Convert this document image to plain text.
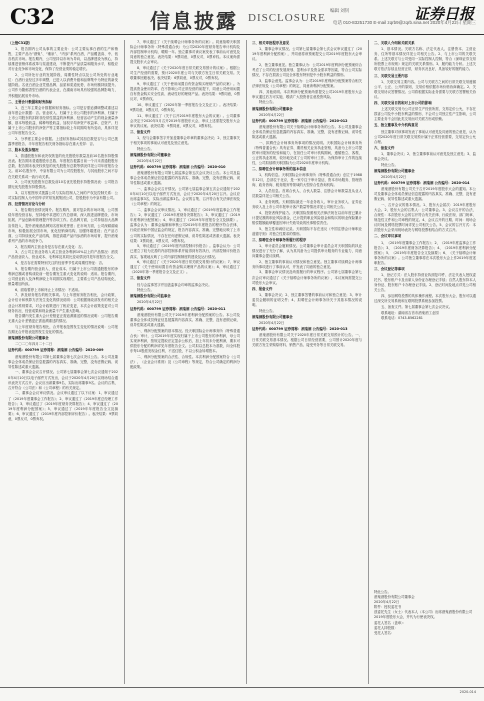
C32	信息披露 DISCLOSURE
编辑 刘钊
电话 010-83251730 E-mail zqrb9@zqrb.sina.net 2020年4月22日 星期三
证券日报

（上接C31版）

1、报告期内公司从事的主要业务：公司主要从事白酒的生产和销售，主要产品为“酒鬼”、“湘泉”、“内参”系列白酒，产品覆盖高、中、低各档次市场。报告期内，公司坚持以市场为导向，以品牌建设为核心，持续推进营销体系改革与渠道建设，不断提升产品质量和服务水平，积极应对行业竞争和市场变化，保持了经营业绩的稳定增长。

2、公司所处行业的发展阶段、周期性特点以及公司所处的行业地位：白酒行业经过多年调整，已进入以消费升级和品牌集中为特征的新发展阶段。名优白酒企业凭借品牌、品质和渠道优势，市场份额持续提升。公司作为馥郁香型白酒的代表企业，在湖南市场具有较强的品牌影响力，并积极拓展省外市场。

二、主要会计数据和财务指标

1、近三年主要会计数据和财务指标。公司是否需追溯调整或重述以前年度会计数据：否。营业收入、归属于上市公司股东的净利润、归属于上市公司股东的扣除非经常性损益的净利润、经营活动产生的现金流量净额、基本每股收益、稀释每股收益、加权平均净资产收益率、总资产、归属于上市公司股东的净资产等主要指标较上年同期均有所变动，具体详见公司年度报告全文。

2、分季度主要会计数据。上述财务指标或其加总数是否与公司已披露季度报告、半年度报告相关财务指标存在重大差异：否。

三、股本及股东情况

1、普通股股东和表决权恢复的优先股股东数量及前10名股东持股情况表。报告期末普通股股东总数、年度报告披露日前一个月末普通股股东总数、报告期末表决权恢复的优先股股东总数等情况详见公司年度报告全文。前10名股东中，中皇有限公司为公司控股股东，与其他股东之间不存在关联关系或一致行动关系。

2、公司优先股股东总数及前10名优先股股东持股情况表：公司报告期无优先股股东持股情况。

3、以方框图形式披露公司与实际控制人之间的产权及控制关系：公司实际控制人为中国华孚贸易发展集团公司，控股股东为中皇有限公司。

四、经营情况讨论与分析

1、报告期经营情况简介。报告期内，面对复杂的市场环境，公司围绕年度经营目标，坚持稳中求进的工作总基调，深入推进品牌建设、市场拓展、产品创新和管理提升等各项工作。在品牌方面，公司持续加大品牌宣传投入，提升酒鬼酒品牌知名度和美誉度；在市场方面，公司深耕湖南市场，积极拓展全国市场，优化经销商结构，加强终端建设；在产品方面，公司持续优化产品结构，推进高端产品内参酒的市场培育，提升酒鬼系列产品的市场竞争力。

2、报告期内主营业务是否存在重大变化：否。

3、占公司主营业务收入或主营业务利润10%以上的产品情况：酒类产品营业收入、营业成本、毛利率及其同比变动情况详见年度报告全文。

4、是否存在需要特别关注的经营季节性或周期性特征：否。

5、报告期内营业收入、营业成本、归属于上市公司普通股股东的净利润总额或者构成较前一报告期发生重大变化的说明：适用。报告期内，公司营业收入及净利润较上年同期实现增长，主要系公司产品结构优化、销量增加所致。

6、面临暂停上市和终止上市情况：不适用。

7、涉及财务报告的相关事项。与上年度财务报告相比，会计政策、会计估计和核算方法发生变化的情况说明：公司根据财政部发布的相关企业会计准则要求，对会计政策进行了相应变更，本次会计政策变更对公司财务状况、经营成果和现金流量不产生重大影响。

报告期内发生重大会计差错更正需追溯重述的情况说明：公司报告期无重大会计差错更正需追溯重述的情况。

与上年度财务报告相比，合并报表范围发生变化的情况说明：公司报告期无合并报表范围发生变化的情况。

酒鬼酒股份有限公司董事会

二〇二〇年四月二十二日

证券代码：000799 证券简称：酒鬼酒 公告编号：2020-009

酒鬼酒股份有限公司第七届董事会第七次会议决议公告。本公司及董事会全体成员保证信息披露的内容真实、准确、完整，没有虚假记载、误导性陈述或重大遗漏。

一、董事会会议召开情况。公司第七届董事会第七次会议通知于2020年4月10日以电子邮件方式发出，会议于2020年4月20日以现场结合通讯表决方式召开。会议应出席董事9名，实际出席董事9名。会议的召集、召开符合《公司法》和《公司章程》的有关规定。

二、董事会会议审议情况。会议审议通过了以下议案：1、审议通过了《2019年度董事会工作报告》；2、审议通过了《2019年度总经理工作报告》；3、审议通过了《2019年度财务决算报告》；4、审议通过了《2019年度利润分配预案》；5、审议通过了《2019年年度报告全文及摘要》；6、审议通过了《2019年度内部控制评价报告》。表决结果：9票同意，0票反对，0票弃权。

7、审议通过了《关于续聘会计师事务所的议案》。同意续聘天职国际会计师事务所（特殊普通合伙）为公司2020年度财务报告审计机构及内部控制审计机构，聘期一年。独立董事对该议案发表了事前认可意见及同意的独立意见。表决结果：9票同意，0票反对，0票弃权。本议案尚需提交股东大会审议。

8、审议通过了《关于2020年度日常关联交易预计的议案》。根据公司生产经营的需要，预计2020年度公司与关联方发生日常关联交易。关联董事回避表决。表决结果：6票同意，0票反对，0票弃权。

9、审议通过了《关于使用闲置自有资金购买理财产品的议案》。为提高资金使用效率，在不影响公司正常经营的前提下，同意公司使用闲置自有资金购买安全性高、流动性好的理财产品。表决结果：9票同意，0票反对，0票弃权。

10、审议通过了《2020年第一季度报告全文及正文》。表决结果：9票同意，0票反对，0票弃权。

11、审议通过了《关于召开2019年度股东大会的议案》。公司董事会决定于2020年5月召开2019年度股东大会，审议上述需提交股东大会审议的议案。表决结果：9票同意，0票反对，0票弃权。

三、备查文件

1、经与会董事签字并加盖董事会印章的董事会决议；2、独立董事关于相关事项的事前认可意见及独立意见。

特此公告。

酒鬼酒股份有限公司董事会

2020年4月22日

证券代码：000799 证券简称：酒鬼酒 公告编号：2020-010

酒鬼酒股份有限公司第七届监事会第五次会议决议公告。本公司及监事会全体成员保证信息披露的内容真实、准确、完整，没有虚假记载、误导性陈述或重大遗漏。

一、监事会会议召开情况。公司第七届监事会第五次会议通知于2020年4月10日以电子邮件方式发出，会议于2020年4月20日召开。会议应出席监事3名，实际出席监事3名。会议的召集、召开符合有关法律法规及《公司章程》的规定。

二、监事会会议审议情况。1、审议通过了《2019年度监事会工作报告》；2、审议通过了《2019年度财务决算报告》；3、审议通过了《2019年度利润分配预案》；4、审议通过了《2019年年度报告全文及摘要》。监事会认为：董事会编制和审核公司2019年年度报告的程序符合法律、行政法规和中国证监会的规定，报告内容真实、准确、完整地反映了上市公司的实际情况，不存在任何虚假记载、误导性陈述或者重大遗漏。表决结果：3票同意，0票反对，0票弃权。

5、审议通过了《2019年度内部控制评价报告》。监事会认为：公司已建立了较为完善的内部控制体系并能得到有效执行，内部控制评价报告真实、客观地反映了公司内部控制制度的建设及运行情况。

6、审议通过了《关于2020年度日常关联交易预计的议案》；7、审议通过了《关于使用闲置自有资金购买理财产品的议案》；8、审议通过了《2020年第一季度报告全文及正文》。

三、备查文件

经与会监事签字并加盖监事会印章的监事会决议。

特此公告。

酒鬼酒股份有限公司监事会

2020年4月22日

证券代码：000799 证券简称：酒鬼酒 公告编号：2020-011

酒鬼酒股份有限公司关于2019年度利润分配预案的公告。本公司及董事会全体成员保证信息披露的内容真实、准确、完整，没有虚假记载、误导性陈述或重大遗漏。

一、利润分配预案的基本情况。经天职国际会计师事务所（特殊普通合伙）审计，公司2019年度实现归属于上市公司股东的净利润，母公司实现净利润，按规定提取法定盈余公积后，加上年初未分配利润，期末可供股东分配的利润详见年度报告全文。公司拟以总股本为基数，向全体股东每10股派发现金红利，不送红股，不以公积金转增股本。

二、利润分配预案的合法性、合规性。本次利润分配预案符合《公司法》、《企业会计准则》及《公司章程》等规定，符合公司确定的利润分配政策。

三、相关审批程序及意见

1、董事会审议情况。公司第七届董事会第七次会议审议通过了《2019年度利润分配预案》，并同意将该预案提交公司2019年度股东大会审议。

2、独立董事意见。独立董事认为：公司2019年度利润分配预案综合考虑了公司的经营发展规划、盈利水平及资金需求等因素，符合公司实际情况，不存在损害公司及全体股东特别是中小股东利益的情形。

3、监事会意见。监事会认为：公司2019年度利润分配预案符合相关法律法规及《公司章程》的规定，同意该利润分配预案。

四、其他说明。本次利润分配预案尚需提交公司2019年度股东大会审议通过后方可实施，敬请广大投资者注意投资风险。

特此公告。

酒鬼酒股份有限公司董事会

2020年4月22日

证券代码：000799 证券简称：酒鬼酒 公告编号：2020-012

酒鬼酒股份有限公司关于续聘会计师事务所的公告。本公司及董事会全体成员保证信息披露的内容真实、准确、完整，没有虚假记载、误导性陈述或重大遗漏。

一、拟聘任会计师事务所事项的情况说明。天职国际会计师事务所（特殊普通合伙）具有证券、期货相关业务执业资格，具备为上市公司提供审计服务的经验和能力，在担任公司审计机构期间，遵循独立、客观、公正的执业准则，较好地完成了公司的审计工作。为保持审计工作的连续性，公司拟续聘天职国际为公司2020年度审计机构。

二、拟聘任会计师事务所的基本信息

1、机构信息。天职国际会计师事务所（特殊普通合伙）创立于1988年12月，总部位于北京，是一家专注于审计鉴证、资本市场服务、管理咨询、政务咨询、税务服务等领域的大型综合性咨询机构。

2、人员信息。首席合伙人、合伙人数量、注册会计师数量及从业人员数量详见公司相关公告。

3、业务规模。天职国际最近一年业务收入、审计业务收入、证券业务收入及上市公司年报审计客户数量等情况详见公司相关公告。

4、投资者保护能力。天职国际按照相关法律法规在以前年度已累计计提足额的职业风险基金，已计提的职业风险基金和购买的职业保险累计赔偿限额能够覆盖因审计失败导致的民事赔偿责任。

5、独立性和诚信记录。天职国际不存在违反《中国注册会计师职业道德守则》对独立性要求的情形。

三、拟聘任会计师事务所履行的程序

1、审计委员会履职情况。公司董事会审计委员会对天职国际的执业情况进行了充分了解，认为其具备为公司提供审计服务的专业能力，同意向董事会提议续聘。

2、独立董事的事前认可情况和独立意见。独立董事对续聘会计师事务所事项进行了事前认可，并发表了同意的独立意见。

3、董事会审议情况及尚需履行的审议程序。公司第七届董事会第七次会议审议通过了《关于续聘会计师事务所的议案》，本议案尚需提交公司股东大会审议。

四、报备文件

1、董事会决议；2、独立董事签署的事前认可和独立意见；3、审计委员会履职的证明文件；4、拟聘任会计师事务所关于其基本情况的说明。

特此公告。

酒鬼酒股份有限公司董事会

2020年4月22日

证券代码：000799 证券简称：酒鬼酒 公告编号：2020-013

酒鬼酒股份有限公司关于2020年度日常关联交易预计的公告。一、日常关联交易基本情况。根据公司日常经营需要，公司预计2020年度与关联方发生采购原材料、销售产品、接受劳务等日常关联交易。

二、关联人介绍和关联关系

1、基本情况。关联方名称、法定代表人、注册资本、主营业务、住所等基本情况详见公司相关公告。2、与上市公司的关联关系。上述关联方与公司受同一实际控制人控制，符合《深圳证券交易所股票上市规则》规定的关联关系情形。3、履约能力分析。上述关联方依法存续且经营正常，财务状况良好，具备较好的履约能力。

三、关联交易主要内容

1、关联交易主要内容。公司与关联方之间的日常关联交易遵循公平、公正、公开的原则，交易价格依据市场价格协商确定。2、关联交易协议签署情况。公司将根据实际业务需要与关联方签署相关协议。

四、关联交易目的和对上市公司的影响

上述关联交易为公司正常生产经营所需，交易定价公允，不存在损害公司及中小股东利益的情形，不会对公司独立性产生影响，公司主要业务不会因此类交易而对关联方形成依赖。

五、独立董事及中介机构意见

独立董事对该事项发表了事前认可意见及同意的独立意见，认为公司2020年度日常关联交易预计属于正常经营需要，交易定价公允合理。

六、备查文件

1、董事会决议；2、独立董事事前认可意见及独立意见；3、监事会决议。

特此公告。

酒鬼酒股份有限公司董事会

2020年4月22日

证券代码：000799 证券简称：酒鬼酒 公告编号：2020-014

酒鬼酒股份有限公司关于召开2019年度股东大会的通知。本公司及董事会全体成员保证信息披露的内容真实、准确、完整，没有虚假记载、误导性陈述或重大遗漏。

一、召开会议的基本情况。1、股东大会届次：2019年度股东大会。2、股东大会的召集人：公司董事会。3、会议召开的合法、合规性：本次股东大会的召开符合有关法律、行政法规、部门规章、规范性文件和公司章程的规定。4、会议召开的日期、时间：现场会议时间及网络投票时间详见公司相关公告。5、会议的召开方式：本次股东大会采用现场表决与网络投票相结合的方式召开。

二、会议审议事项

1、《2019年度董事会工作报告》；2、《2019年度监事会工作报告》；3、《2019年度财务决算报告》；4、《2019年度利润分配预案》；5、《2019年年度报告全文及摘要》；6、《关于续聘会计师事务所的议案》。公司独立董事将在本次股东大会上作2019年度述职报告。

三、会议登记等事项

1、登记方式：法人股东持营业执照复印件、法定代表人授权委托书、股东账户卡及出席人身份证办理登记手续；自然人股东持本人身份证、股东账户卡办理登记手续。2、登记时间及地点详见公司相关公告。

四、参加网络投票的具体操作流程。本次股东大会，股东可以通过深交所交易系统和互联网投票系统参加投票。

五、备查文件。第七届董事会第七次会议决议。

联系地址：湖南省吉首市酒鬼酒工业园

联系电话：0743-8562281

特此公告。
酒鬼酒股份有限公司董事会
2020年4月22日
附件：授权委托书
兹委托先生（女士）代表本人（本公司）出席酒鬼酒股份有限公司2019年度股东大会，并代为行使表决权。
委托人签名（盖章）：
委托人持股数：
受托人签名：
2020-014
